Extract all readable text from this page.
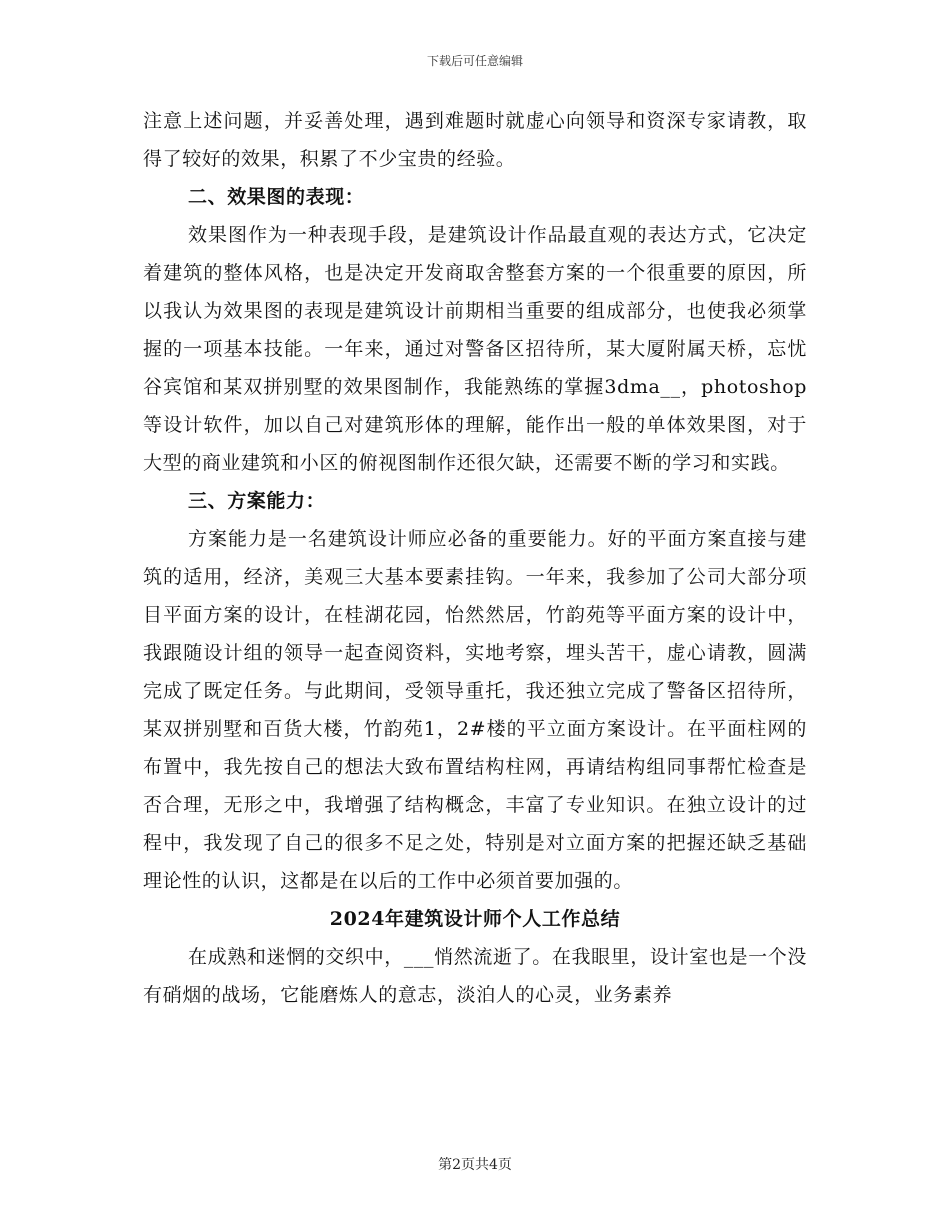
下载后可任意编辑

注意上述问题，并妥善处理，遇到难题时就虚心向领导和资深专家请教，取得了较好的效果，积累了不少宝贵的经验。

二、效果图的表现：

效果图作为一种表现手段，是建筑设计作品最直观的表达方式，它决定着建筑的整体风格，也是决定开发商取舍整套方案的一个很重要的原因，所以我认为效果图的表现是建筑设计前期相当重要的组成部分，也使我必须掌握的一项基本技能。一年来，通过对警备区招待所，某大厦附属天桥，忘忧谷宾馆和某双拼别墅的效果图制作，我能熟练的掌握3dma__，photoshop等设计软件，加以自己对建筑形体的理解，能作出一般的单体效果图，对于大型的商业建筑和小区的俯视图制作还很欠缺，还需要不断的学习和实践。

三、方案能力：

方案能力是一名建筑设计师应必备的重要能力。好的平面方案直接与建筑的适用，经济，美观三大基本要素挂钩。一年来，我参加了公司大部分项目平面方案的设计，在桂湖花园，怡然然居，竹韵苑等平面方案的设计中，我跟随设计组的领导一起查阅资料，实地考察，埋头苦干，虚心请教，圆满完成了既定任务。与此期间，受领导重托，我还独立完成了警备区招待所，某双拼别墅和百货大楼，竹韵苑1，2#楼的平立面方案设计。在平面柱网的布置中，我先按自己的想法大致布置结构柱网，再请结构组同事帮忙检查是否合理，无形之中，我增强了结构概念，丰富了专业知识。在独立设计的过程中，我发现了自己的很多不足之处，特别是对立面方案的把握还缺乏基础理论性的认识，这都是在以后的工作中必须首要加强的。

2024年建筑设计师个人工作总结

在成熟和迷惘的交织中，___悄然流逝了。在我眼里，设计室也是一个没有硝烟的战场，它能磨炼人的意志，淡泊人的心灵，业务素养

第2页共4页
